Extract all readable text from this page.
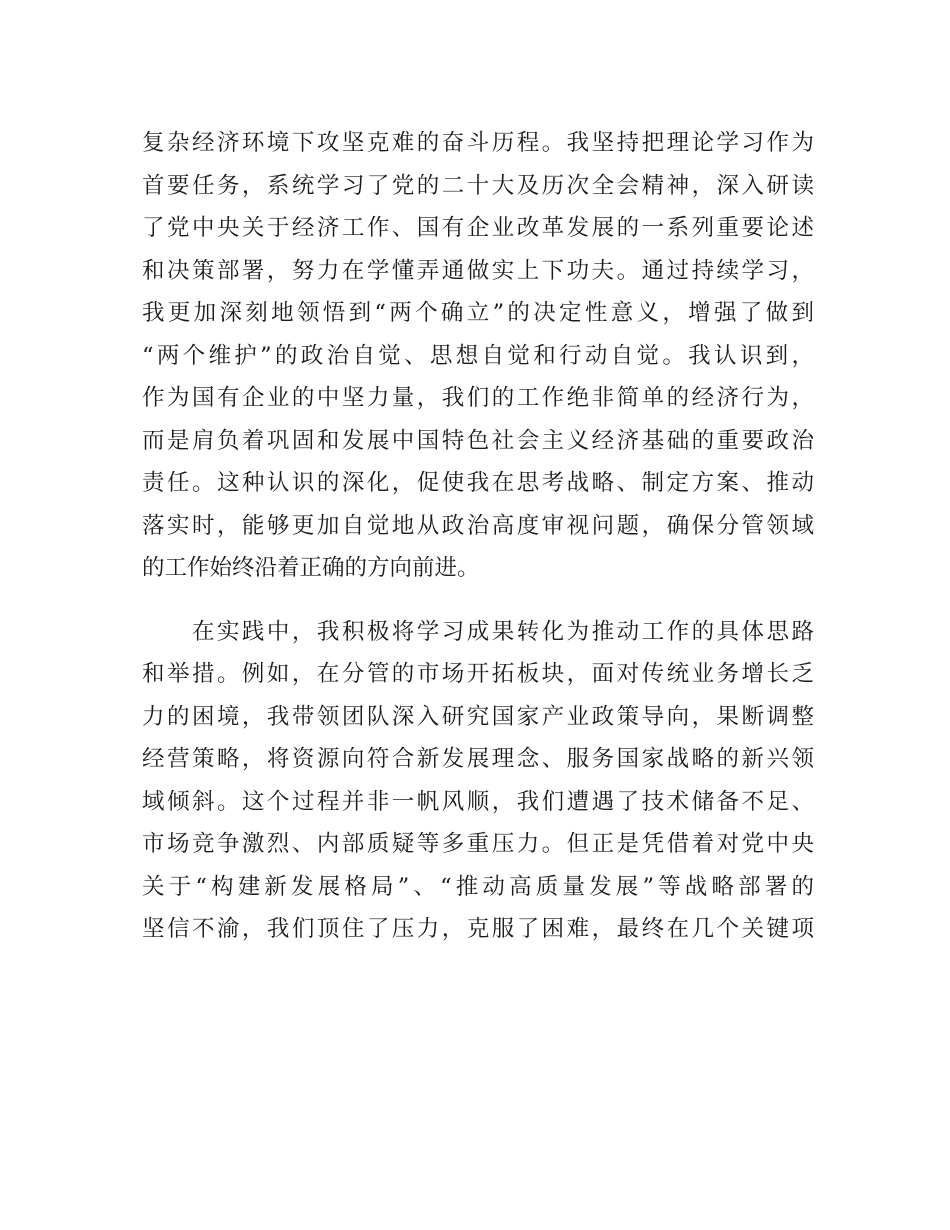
复杂经济环境下攻坚克难的奋斗历程。我坚持把理论学习作为
首要任务，系统学习了党的二十大及历次全会精神，深入研读
了党中央关于经济工作、国有企业改革发展的一系列重要论述
和决策部署，努力在学懂弄通做实上下功夫。通过持续学习，
我更加深刻地领悟到“两个确立”的决定性意义，增强了做到
“两个维护”的政治自觉、思想自觉和行动自觉。我认识到，
作为国有企业的中坚力量，我们的工作绝非简单的经济行为，
而是肩负着巩固和发展中国特色社会主义经济基础的重要政治
责任。这种认识的深化，促使我在思考战略、制定方案、推动
落实时，能够更加自觉地从政治高度审视问题，确保分管领域
的工作始终沿着正确的方向前进。
　　在实践中，我积极将学习成果转化为推动工作的具体思路
和举措。例如，在分管的市场开拓板块，面对传统业务增长乏
力的困境，我带领团队深入研究国家产业政策导向，果断调整
经营策略，将资源向符合新发展理念、服务国家战略的新兴领
域倾斜。这个过程并非一帆风顺，我们遭遇了技术储备不足、
市场竞争激烈、内部质疑等多重压力。但正是凭借着对党中央
关于“构建新发展格局”、“推动高质量发展”等战略部署的
坚信不渝，我们顶住了压力，克服了困难，最终在几个关键项
